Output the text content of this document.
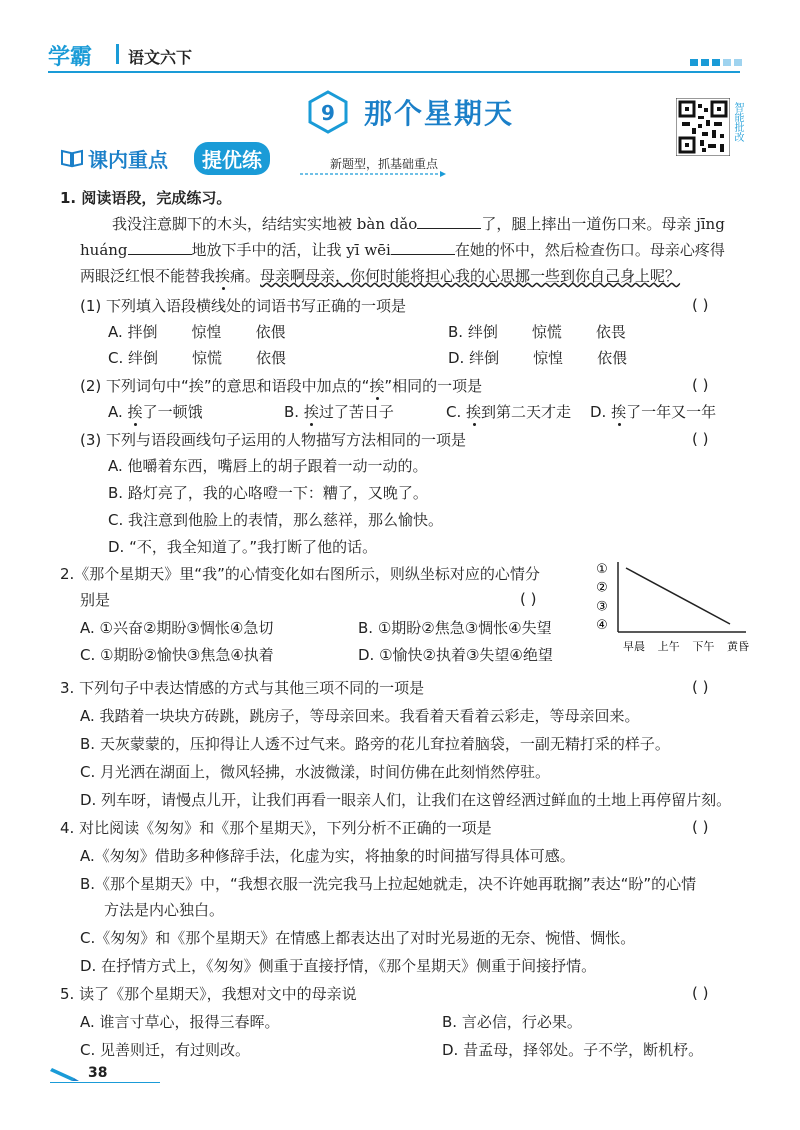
学霸 语文六下
9 那个星期天	智能批改
课内重点	提优练	新题型，抓基础重点
1. 阅读语段，完成练习。
我没注意脚下的木头，结结实实地被 bàn dǎo	了，腿上摔出一道伤口来。母亲 jīng
huáng	地放下手中的活，让我 yī wēi	在她的怀中，然后检查伤口。母亲心疼得
两眼泛红恨不能替我挨痛。母亲啊母亲，你何时能将担心我的心思挪一些到你自己身上呢？
(1) 下列填入语段横线处的词语书写正确的一项是	( )
A. 拌倒 惊惶 依偎	B. 绊倒 惊慌 依畏
C. 绊倒 惊慌 依偎	D. 绊倒 惊惶 依偎
(2) 下列词句中“挨”的意思和语段中加点的“挨”相同的一项是	( )
A. 挨了一顿饿	B. 挨过了苦日子	C. 挨到第二天才走 D. 挨了一年又一年
(3) 下列与语段画线句子运用的人物描写方法相同的一项是	( )
A. 他嚼着东西，嘴唇上的胡子跟着一动一动的。
B. 路灯亮了，我的心咯噔一下：糟了，又晚了。
C. 我注意到他脸上的表情，那么慈祥，那么愉快。
D. “不，我全知道了。”我打断了他的话。
2.《那个星期天》里“我”的心情变化如右图所示，则纵坐标对应的心情分
别是	( )
A. ①兴奋②期盼③惆怅④急切	B. ①期盼②焦急③惆怅④失望
C. ①期盼②愉快③焦急④执着	D. ①愉快②执着③失望④绝望
①
②
③
④
早晨 上午 下午 黄昏
3. 下列句子中表达情感的方式与其他三项不同的一项是	( )
A. 我踏着一块块方砖跳，跳房子，等母亲回来。我看着天看着云彩走，等母亲回来。
B. 天灰蒙蒙的，压抑得让人透不过气来。路旁的花儿耷拉着脑袋，一副无精打采的样子。
C. 月光洒在湖面上，微风轻拂，水波微漾，时间仿佛在此刻悄然停驻。
D. 列车呀，请慢点儿开，让我们再看一眼亲人们，让我们在这曾经洒过鲜血的土地上再停留片刻。
4. 对比阅读《匆匆》和《那个星期天》，下列分析不正确的一项是	( )
A.《匆匆》借助多种修辞手法，化虚为实，将抽象的时间描写得具体可感。
B.《那个星期天》中，“我想衣服一洗完我马上拉起她就走，决不许她再耽搁”表达“盼”的心情
方法是内心独白。
C.《匆匆》和《那个星期天》在情感上都表达出了对时光易逝的无奈、惋惜、惆怅。
D. 在抒情方式上，《匆匆》侧重于直接抒情，《那个星期天》侧重于间接抒情。
5. 读了《那个星期天》，我想对文中的母亲说	( )
A. 谁言寸草心，报得三春晖。	B. 言必信，行必果。
C. 见善则迁，有过则改。	D. 昔孟母，择邻处。子不学，断机杼。
38
